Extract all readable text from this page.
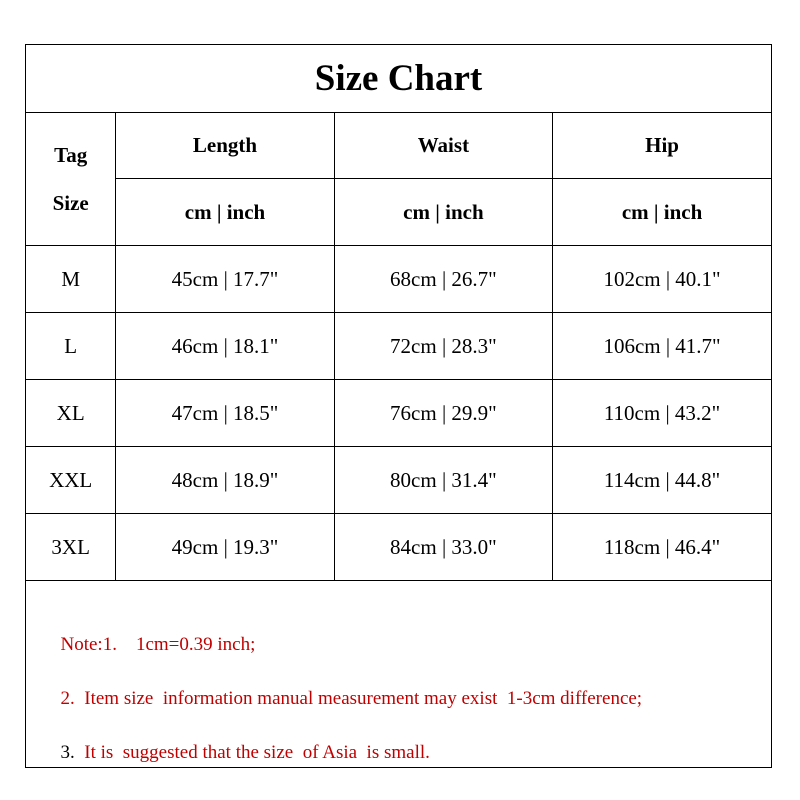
Size Chart
Tag
Size	Length	Waist	Hip
	cm | inch	cm | inch	cm | inch
M	45cm | 17.7"	68cm | 26.7"	102cm | 40.1"
L	46cm | 18.1"	72cm | 28.3"	106cm | 41.7"
XL	47cm | 18.5"	76cm | 29.9"	110cm | 43.2"
XXL	48cm | 18.9"	80cm | 31.4"	114cm | 44.8"
3XL	49cm | 19.3"	84cm | 33.0"	118cm | 46.4"

Note:1.    1cm=0.39 inch;

2.  Item size  information manual measurement may exist  1-3cm difference;

3.  It is  suggested that the size  of Asia  is small.
